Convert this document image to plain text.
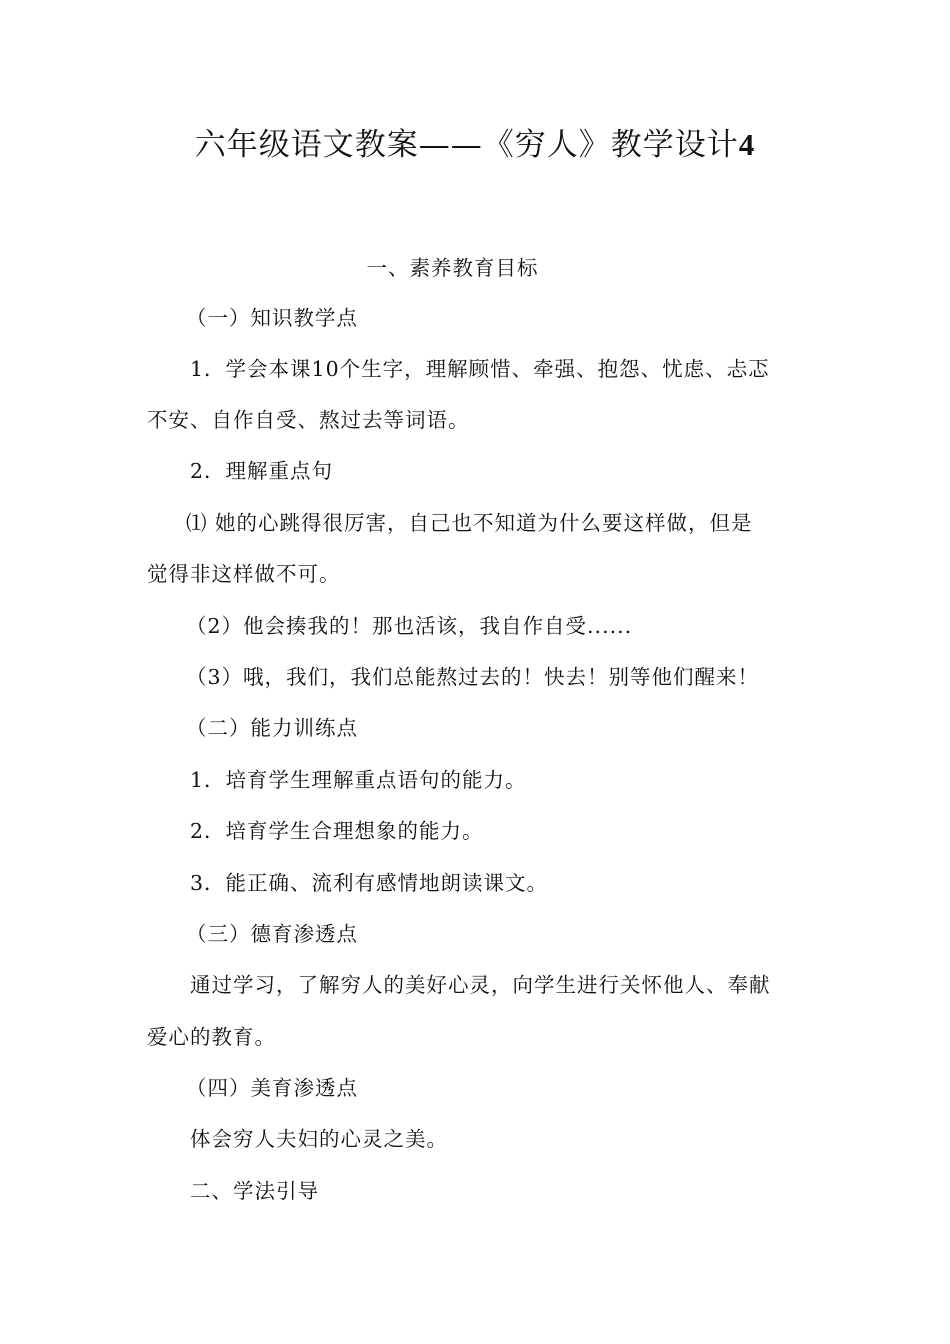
六年级语文教案——《穷人》教学设计4
一、素养教育目标
（一）知识教学点
1．学会本课10个生字，理解顾惜、牵强、抱怨、忧虑、忐忑
不安、自作自受、熬过去等词语。
2．理解重点句
⑴ 她的心跳得很厉害，自己也不知道为什么要这样做，但是
觉得非这样做不可。
（2）他会揍我的！那也活该，我自作自受......
（3）哦，我们，我们总能熬过去的！快去！别等他们醒来！
（二）能力训练点
1．培育学生理解重点语句的能力。
2．培育学生合理想象的能力。
3．能正确、流利有感情地朗读课文。
（三）德育渗透点
通过学习，了解穷人的美好心灵，向学生进行关怀他人、奉献
爱心的教育。
（四）美育渗透点
体会穷人夫妇的心灵之美。
二、学法引导
